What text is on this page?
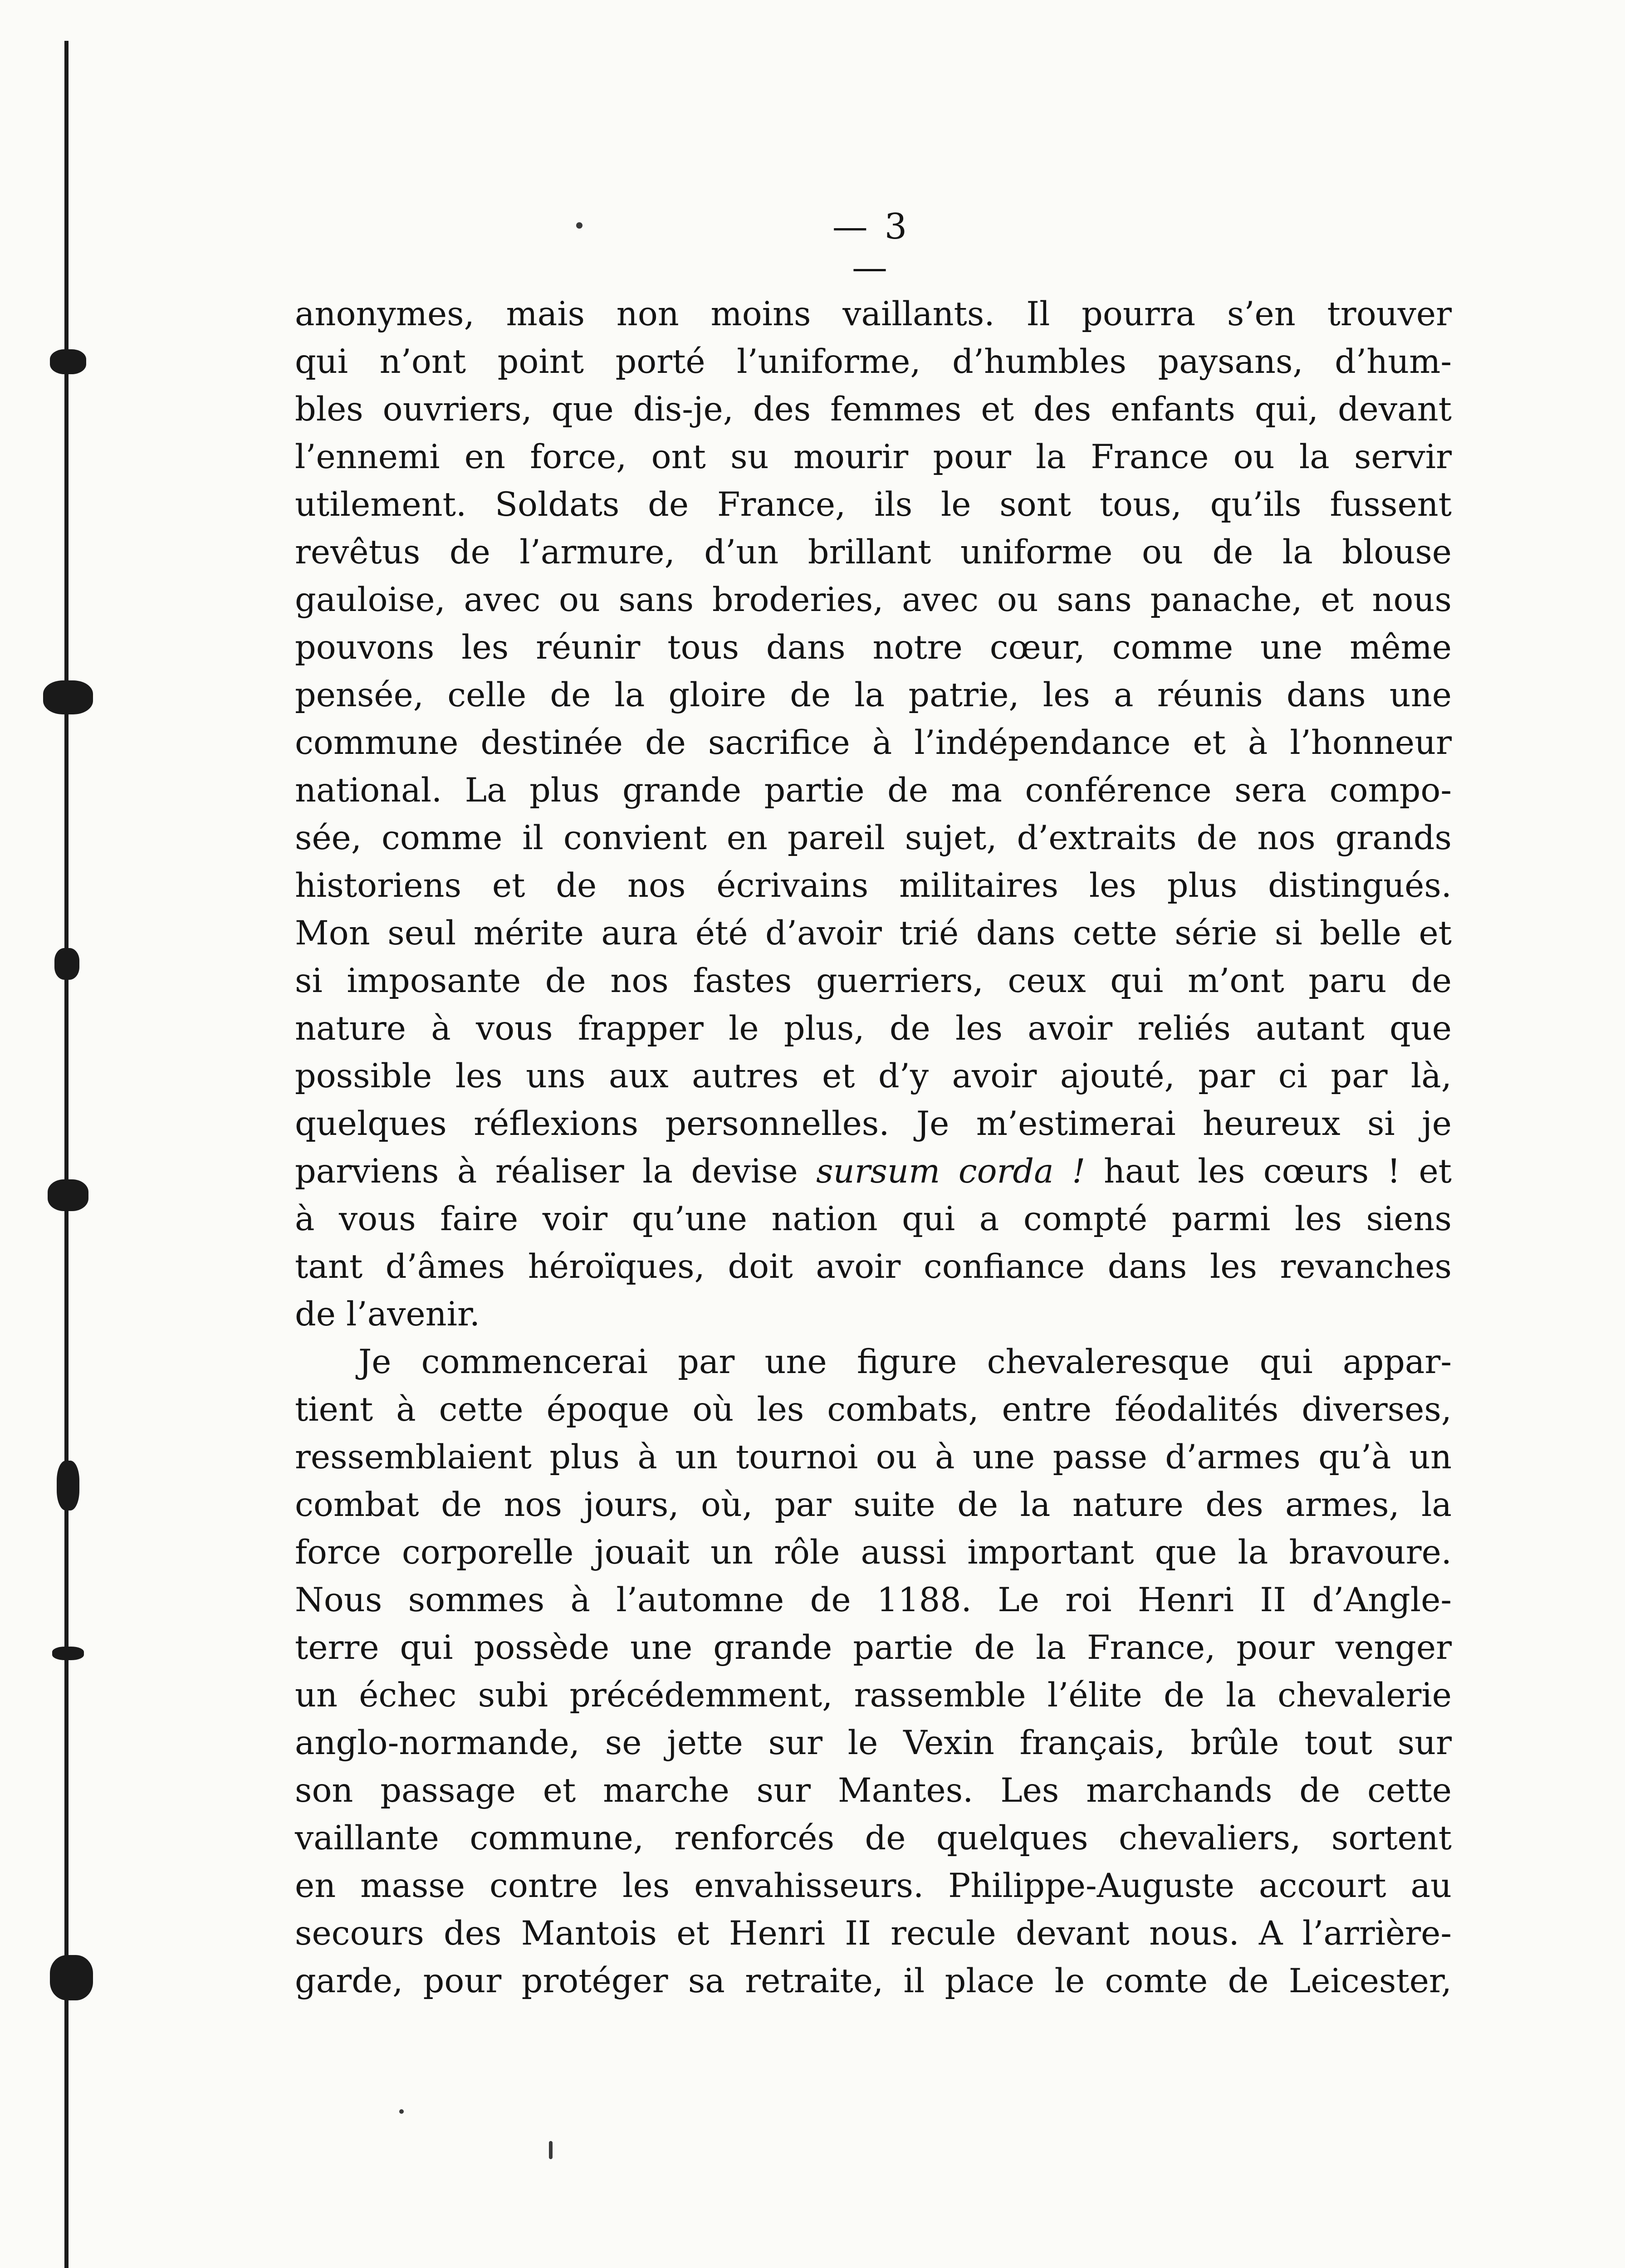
— 3 —
anonymes, mais non moins vaillants. Il pourra s’en trouver
qui n’ont point porté l’uniforme, d’humbles paysans, d’hum-
bles ouvriers, que dis-je, des femmes et des enfants qui, devant
l’ennemi en force, ont su mourir pour la France ou la servir
utilement. Soldats de France, ils le sont tous, qu’ils fussent
revêtus de l’armure, d’un brillant uniforme ou de la blouse
gauloise, avec ou sans broderies, avec ou sans panache, et nous
pouvons les réunir tous dans notre cœur, comme une même
pensée, celle de la gloire de la patrie, les a réunis dans une
commune destinée de sacrifice à l’indépendance et à l’honneur
national. La plus grande partie de ma conférence sera compo-
sée, comme il convient en pareil sujet, d’extraits de nos grands
historiens et de nos écrivains militaires les plus distingués.
Mon seul mérite aura été d’avoir trié dans cette série si belle et
si imposante de nos fastes guerriers, ceux qui m’ont paru de
nature à vous frapper le plus, de les avoir reliés autant que
possible les uns aux autres et d’y avoir ajouté, par ci par là,
quelques réflexions personnelles. Je m’estimerai heureux si je
parviens à réaliser la devise sursum corda ! haut les cœurs ! et
à vous faire voir qu’une nation qui a compté parmi les siens
tant d’âmes héroïques, doit avoir confiance dans les revanches
de l’avenir.
Je commencerai par une figure chevaleresque qui appar-
tient à cette époque où les combats, entre féodalités diverses,
ressemblaient plus à un tournoi ou à une passe d’armes qu’à un
combat de nos jours, où, par suite de la nature des armes, la
force corporelle jouait un rôle aussi important que la bravoure.
Nous sommes à l’automne de 1188. Le roi Henri II d’Angle-
terre qui possède une grande partie de la France, pour venger
un échec subi précédemment, rassemble l’élite de la chevalerie
anglo-normande, se jette sur le Vexin français, brûle tout sur
son passage et marche sur Mantes. Les marchands de cette
vaillante commune, renforcés de quelques chevaliers, sortent
en masse contre les envahisseurs. Philippe-Auguste accourt au
secours des Mantois et Henri II recule devant nous. A l’arrière-
garde, pour protéger sa retraite, il place le comte de Leicester,
